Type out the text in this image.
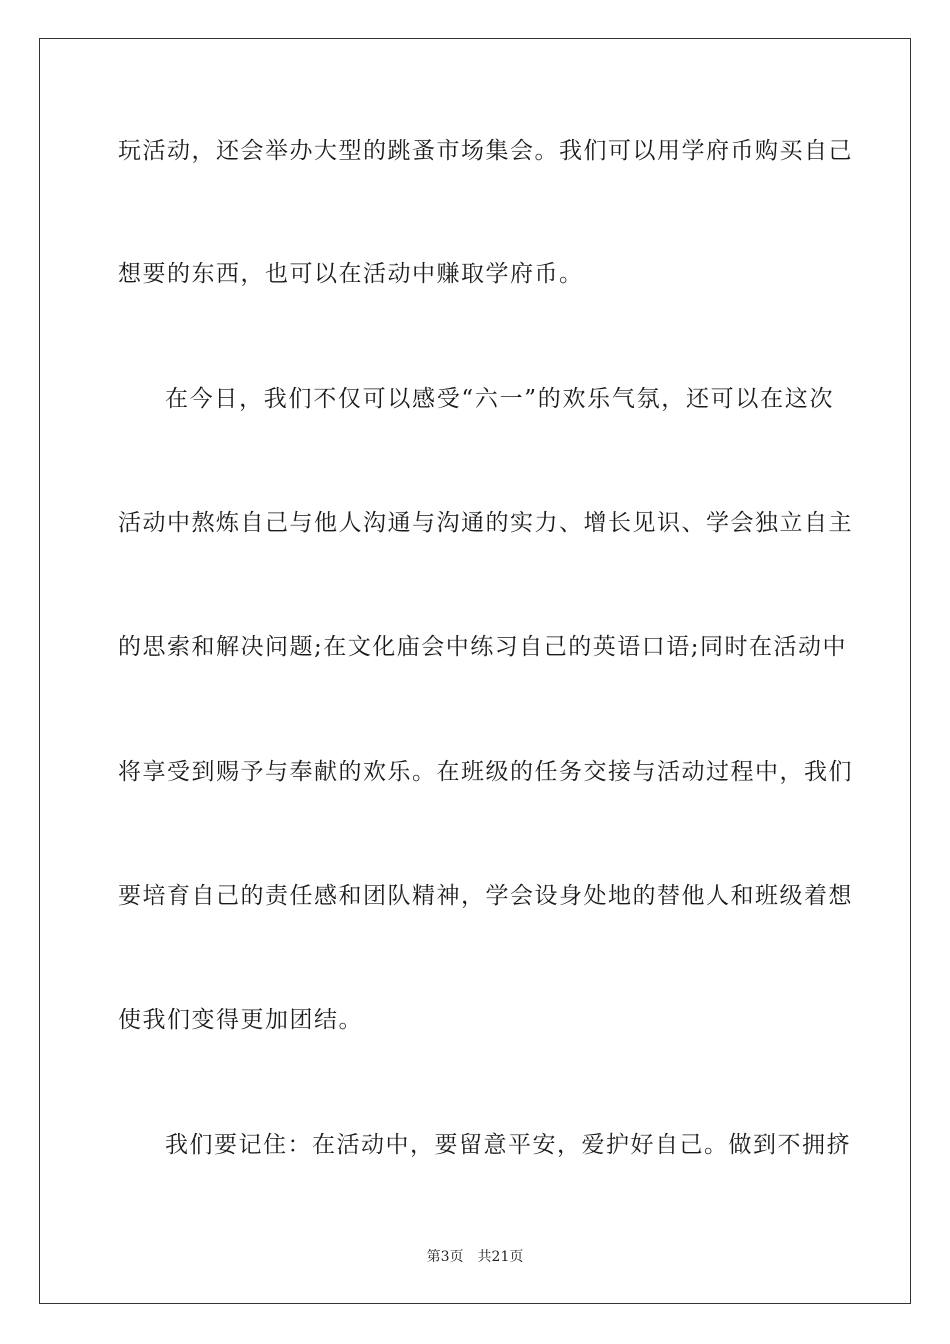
玩活动，还会举办大型的跳蚤市场集会。我们可以用学府币购买自己
想要的东西，也可以在活动中赚取学府币。
在今日，我们不仅可以感受“六一”的欢乐气氛，还可以在这次
活动中熬炼自己与他人沟通与沟通的实力、增长见识、学会独立自主
的思索和解决问题;在文化庙会中练习自己的英语口语;同时在活动中
将享受到赐予与奉献的欢乐。在班级的任务交接与活动过程中，我们
要培育自己的责任感和团队精神，学会设身处地的替他人和班级着想
使我们变得更加团结。
我们要记住：在活动中，要留意平安，爱护好自己。做到不拥挤
第3页 共21页
